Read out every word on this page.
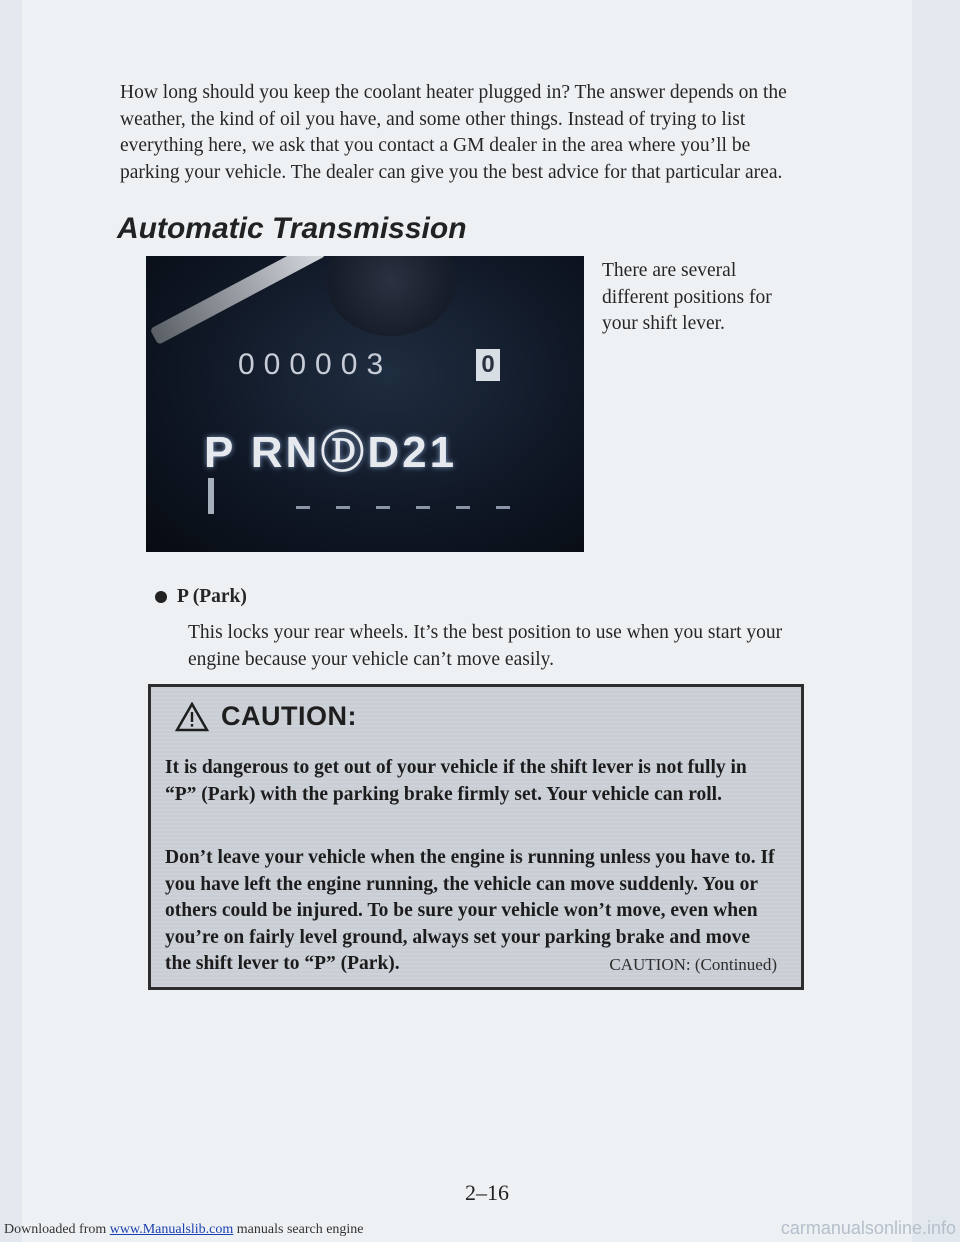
How long should you keep the coolant heater plugged in? The answer depends on the weather, the kind of oil you have, and some other things. Instead of trying to list everything here, we ask that you contact a GM dealer in the area where you’ll be parking your vehicle. The dealer can give you the best advice for that particular area.

Automatic Transmission
000003	0
P RNⒹD21

There are several different positions for your shift lever.

P (Park)

This locks your rear wheels. It’s the best position to use when you start your engine because your vehicle can’t move easily.

CAUTION:

It is dangerous to get out of your vehicle if the shift lever is not fully in “P” (Park) with the parking brake firmly set. Your vehicle can roll.

Don’t leave your vehicle when the engine is running unless you have to. If you have left the engine running, the vehicle can move suddenly. You or others could be injured. To be sure your vehicle won’t move, even when you’re on fairly level ground, always set your parking brake and move the shift lever to “P” (Park).	CAUTION: (Continued)
2–16
Downloaded from www.Manualslib.com manuals search engine	carmanualsonline.info
